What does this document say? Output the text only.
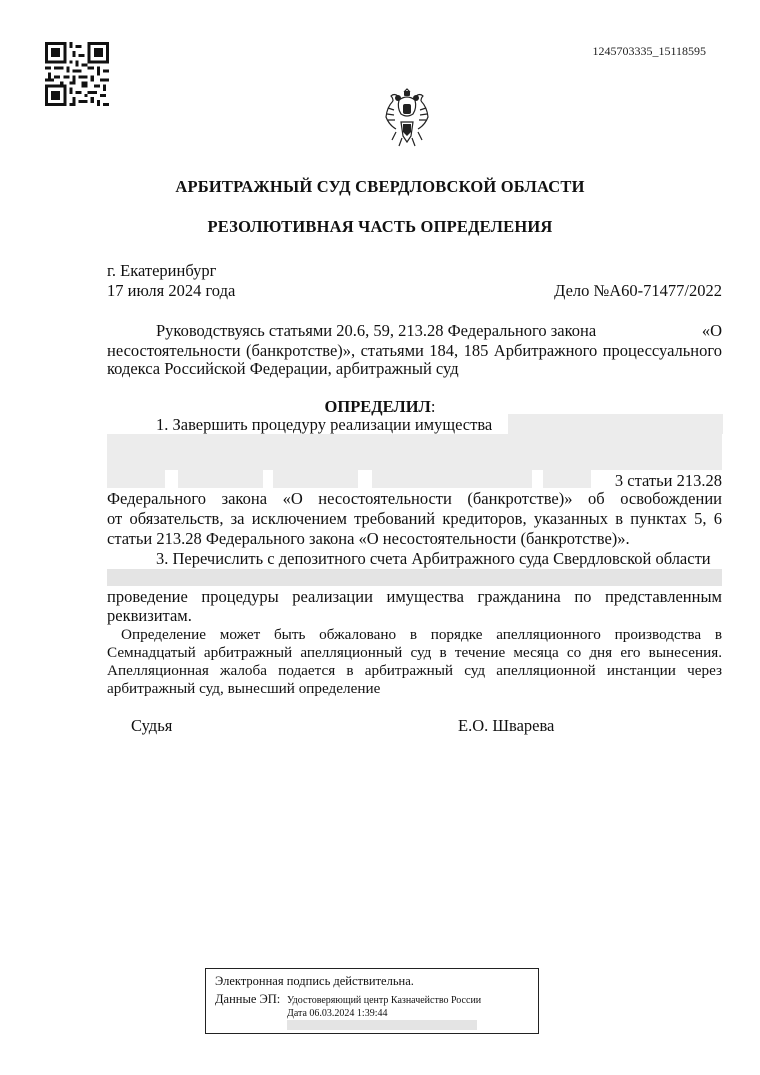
1245703335_15118595
АРБИТРАЖНЫЙ СУД СВЕРДЛОВСКОЙ ОБЛАСТИ
РЕЗОЛЮТИВНАЯ ЧАСТЬ ОПРЕДЕЛЕНИЯ
г. Екатеринбург
17 июля 2024 года	Дело №А60-71477/2022
Руководствуясь статьями 20.6, 59, 213.28 Федерального закона	«О
несостоятельности (банкротстве)», статьями 184, 185 Арбитражного процессуального
кодекса Российской Федерации, арбитражный суд
ОПРЕДЕЛИЛ:
1. Завершить процедуру реализации имущества
3 статьи 213.28
Федерального закона «О несостоятельности (банкротстве)» об освобождении
от обязательств, за исключением требований кредиторов, указанных в пунктах 5, 6
статьи 213.28 Федерального закона «О несостоятельности (банкротстве)».
3. Перечислить с депозитного счета Арбитражного суда Свердловской области
проведение процедуры реализации имущества гражданина по представленным
реквизитам.
Определение может быть обжаловано в порядке апелляционного производства в
Семнадцатый арбитражный апелляционный суд в течение месяца со дня его вынесения.
Апелляционная жалоба подается в арбитражный суд апелляционной инстанции через
арбитражный суд, вынесший определение
Судья	Е.О. Шварева
Электронная подпись действительна.
Данные ЭП: Удостоверяющий центр Казначейство России
Дата 06.03.2024 1:39:44
